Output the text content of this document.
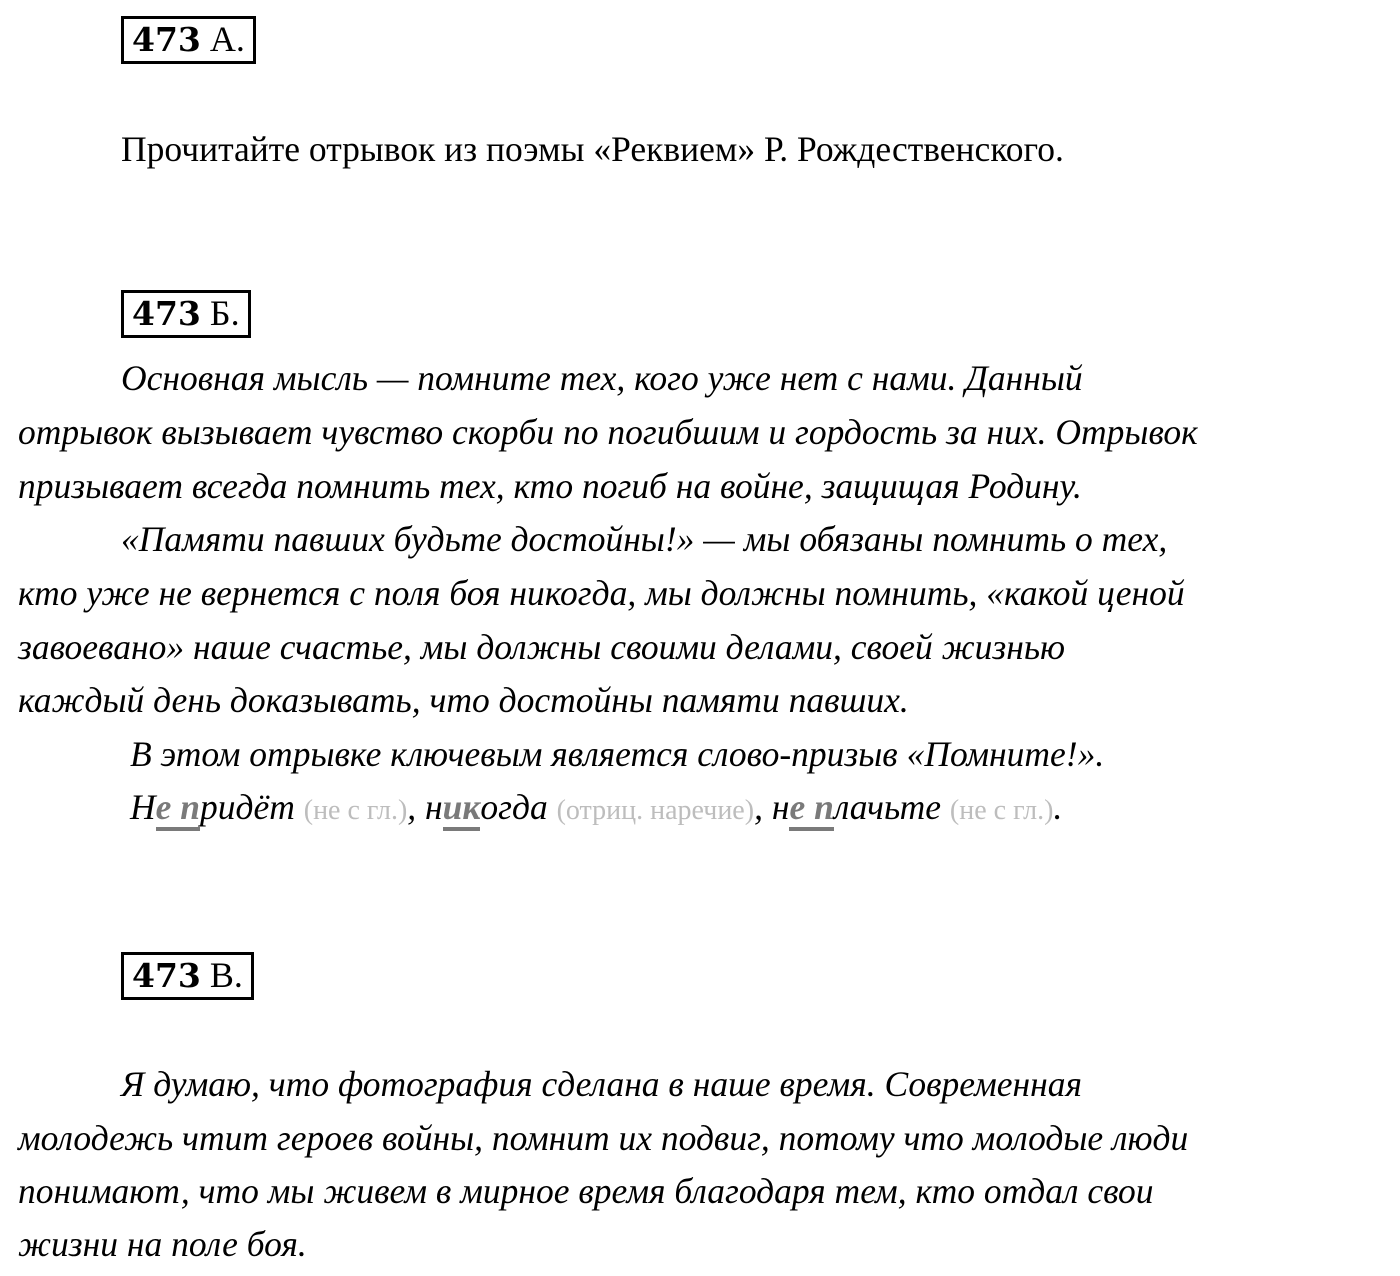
473 А.
Прочитайте отрывок из поэмы «Реквием» Р. Рождественского.
473 Б.
Основная мысль — помните тех, кого уже нет с нами. Данный
отрывок вызывает чувство скорби по погибшим и гордость за них. Отрывок
призывает всегда помнить тех, кто погиб на войне, защищая Родину.
«Памяти павших будьте достойны!» — мы обязаны помнить о тех,
кто уже не вернется с поля боя никогда, мы должны помнить, «какой ценой
завоевано» наше счастье, мы должны своими делами, своей жизнью
каждый день доказывать, что достойны памяти павших.
В этом отрывке ключевым является слово-призыв «Помните!».
Не придёт (не с гл.), никогда (отриц. наречие), не плачьте (не с гл.).
473 В.
Я думаю, что фотография сделана в наше время. Современная
молодежь чтит героев войны, помнит их подвиг, потому что молодые люди
понимают, что мы живем в мирное время благодаря тем, кто отдал свои
жизни на поле боя.
